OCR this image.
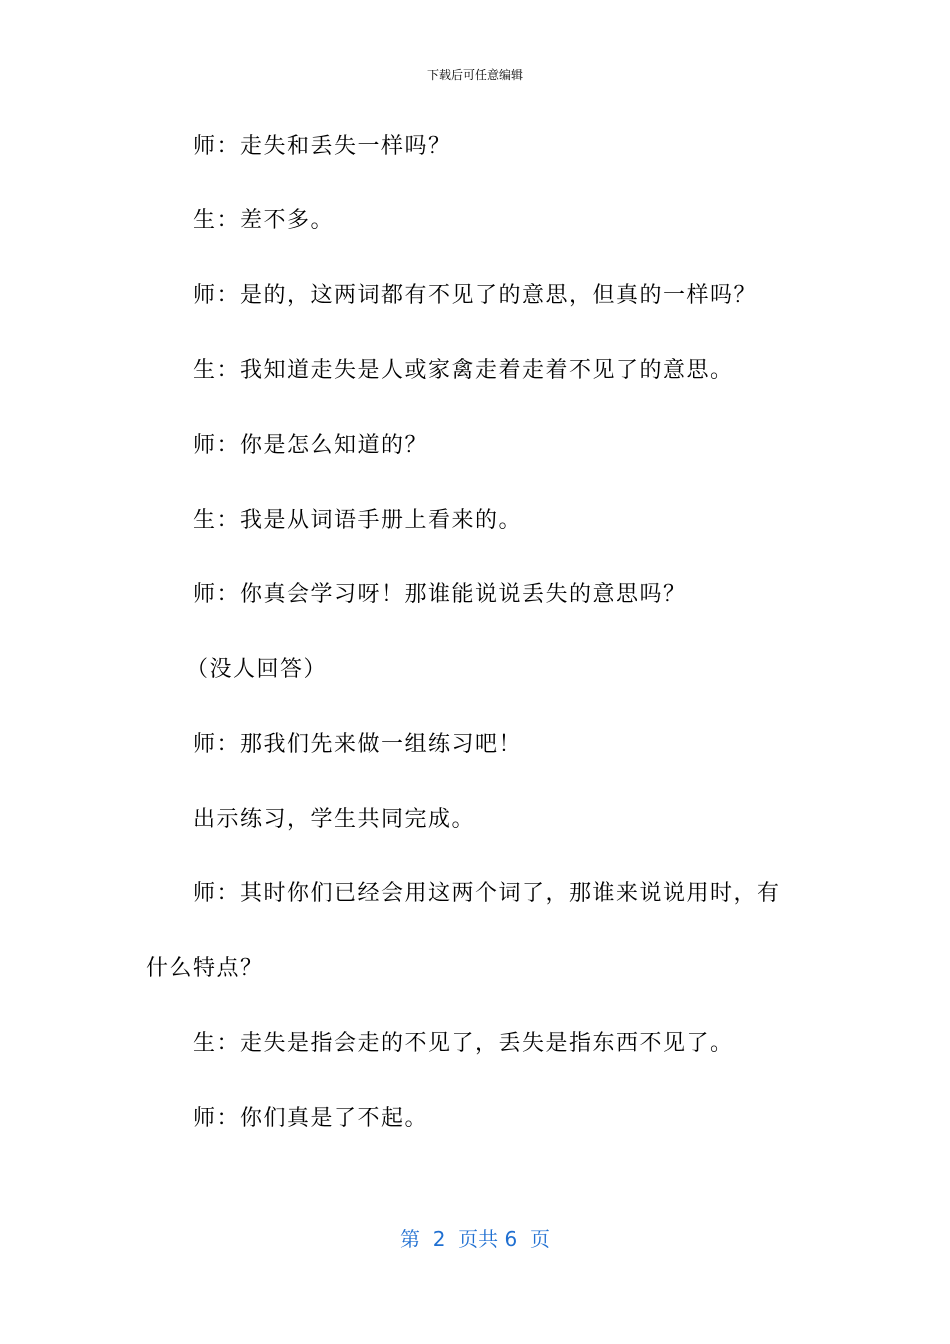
下载后可任意编辑
师：走失和丢失一样吗？
生：差不多。
师：是的，这两词都有不见了的意思，但真的一样吗？
生：我知道走失是人或家禽走着走着不见了的意思。
师：你是怎么知道的？
生：我是从词语手册上看来的。
师：你真会学习呀！那谁能说说丢失的意思吗？
（没人回答）
师：那我们先来做一组练习吧！
出示练习，学生共同完成。
师：其时你们已经会用这两个词了，那谁来说说用时，有
什么特点？
生：走失是指会走的不见了，丢失是指东西不见了。
师：你们真是了不起。
第  2  页共 6  页
